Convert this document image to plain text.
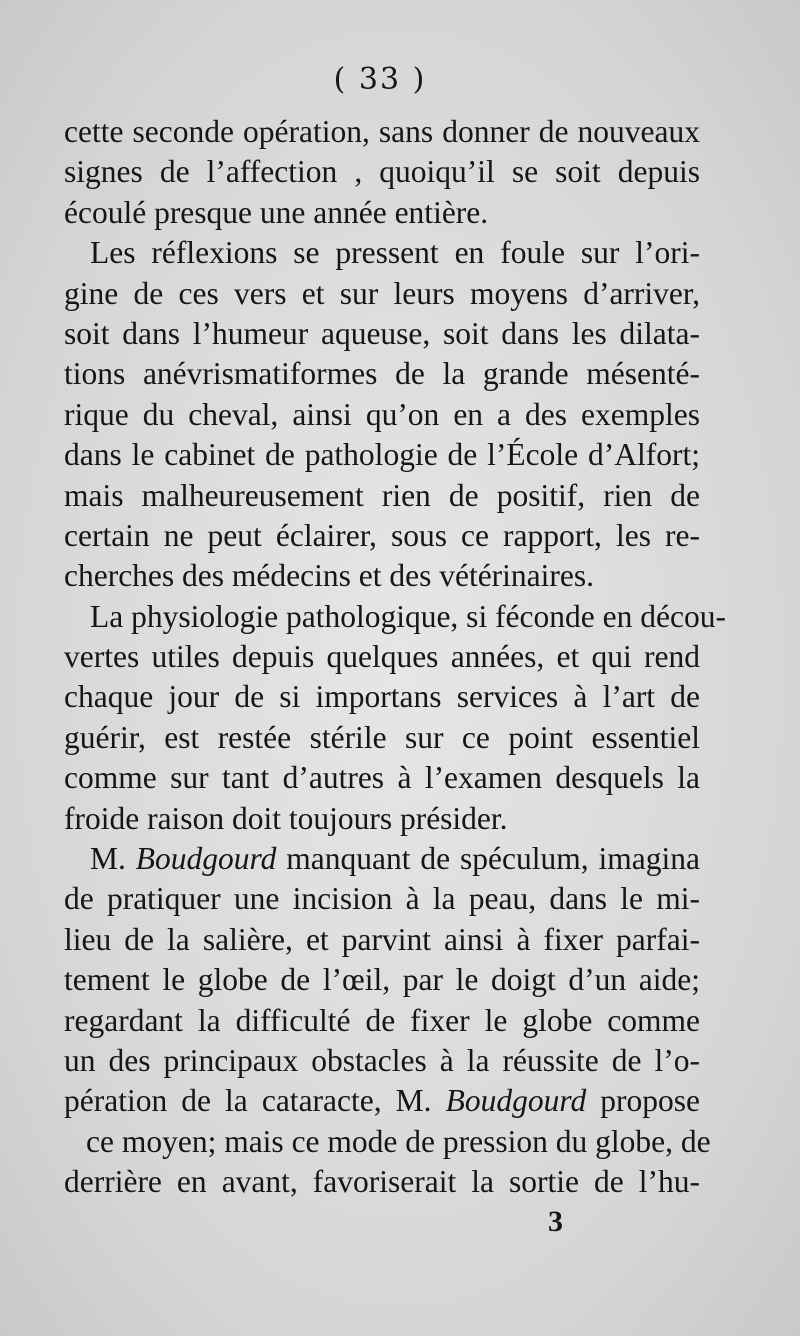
( 33 )
cette seconde opération, sans donner de nouveaux
signes de l’affection , quoiqu’il se soit depuis
écoulé presque une année entière.
Les réflexions se pressent en foule sur l’ori-
gine de ces vers et sur leurs moyens d’arriver,
soit dans l’humeur aqueuse, soit dans les dilata-
tions anévrismatiformes de la grande mésenté-
rique du cheval, ainsi qu’on en a des exemples
dans le cabinet de pathologie de l’École d’Alfort;
mais malheureusement rien de positif, rien de
certain ne peut éclairer, sous ce rapport, les re-
cherches des médecins et des vétérinaires.
La physiologie pathologique, si féconde en décou-
vertes utiles depuis quelques années, et qui rend
chaque jour de si importans services à l’art de
guérir, est restée stérile sur ce point essentiel
comme sur tant d’autres à l’examen desquels la
froide raison doit toujours présider.
M. Boudgourd manquant de spéculum, imagina
de pratiquer une incision à la peau, dans le mi-
lieu de la salière, et parvint ainsi à fixer parfai-
tement le globe de l’œil, par le doigt d’un aide;
regardant la difficulté de fixer le globe comme
un des principaux obstacles à la réussite de l’o-
pération de la cataracte, M. Boudgourd propose
ce moyen; mais ce mode de pression du globe, de
derrière en avant, favoriserait la sortie de l’hu-
3
